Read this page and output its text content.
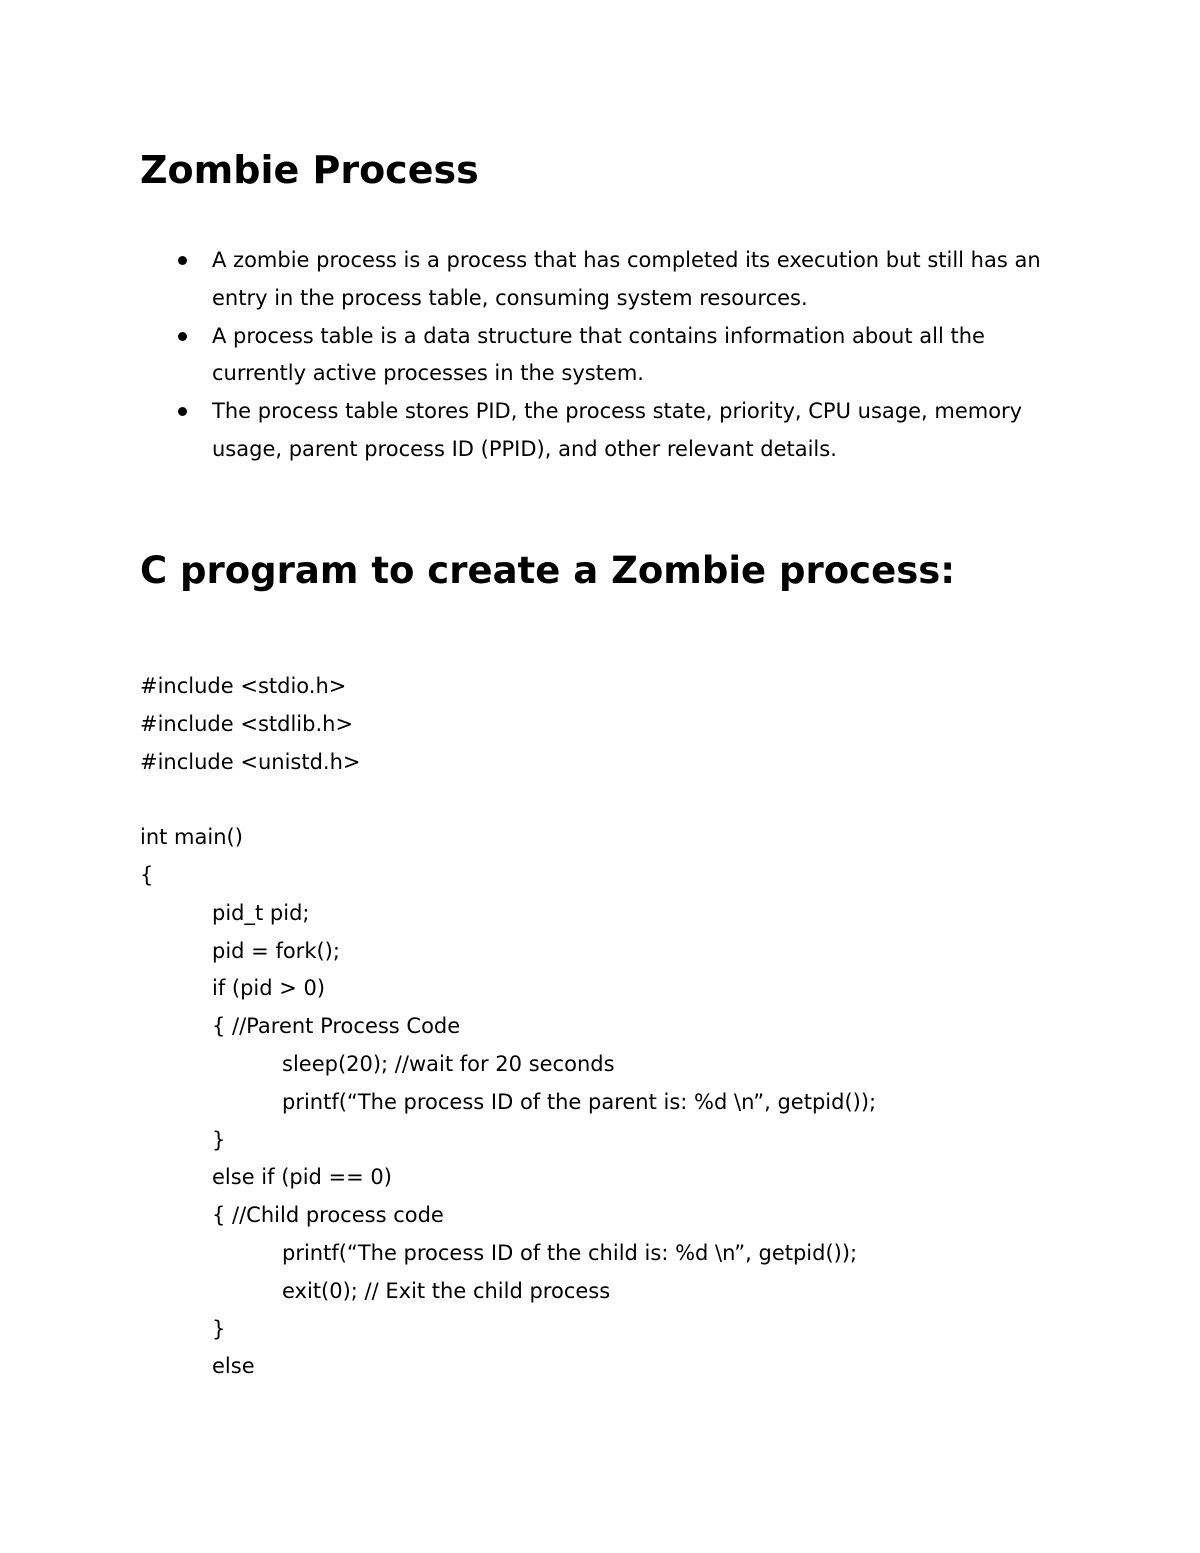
Zombie Process
A zombie process is a process that has completed its execution but still has an entry in the process table, consuming system resources.
A process table is a data structure that contains information about all the currently active processes in the system.
The process table stores PID, the process state, priority, CPU usage, memory usage, parent process ID (PPID), and other relevant details.
C program to create a Zombie process:
#include <stdio.h>
#include <stdlib.h>
#include <unistd.h>
int main()
{
pid_t pid;
pid = fork();
if (pid > 0)
{ //Parent Process Code
sleep(20); //wait for 20 seconds
printf(“The process ID of the parent is: %d \n”, getpid());
}
else if (pid == 0)
{ //Child process code
printf(“The process ID of the child is: %d \n”, getpid());
exit(0); // Exit the child process
}
else
